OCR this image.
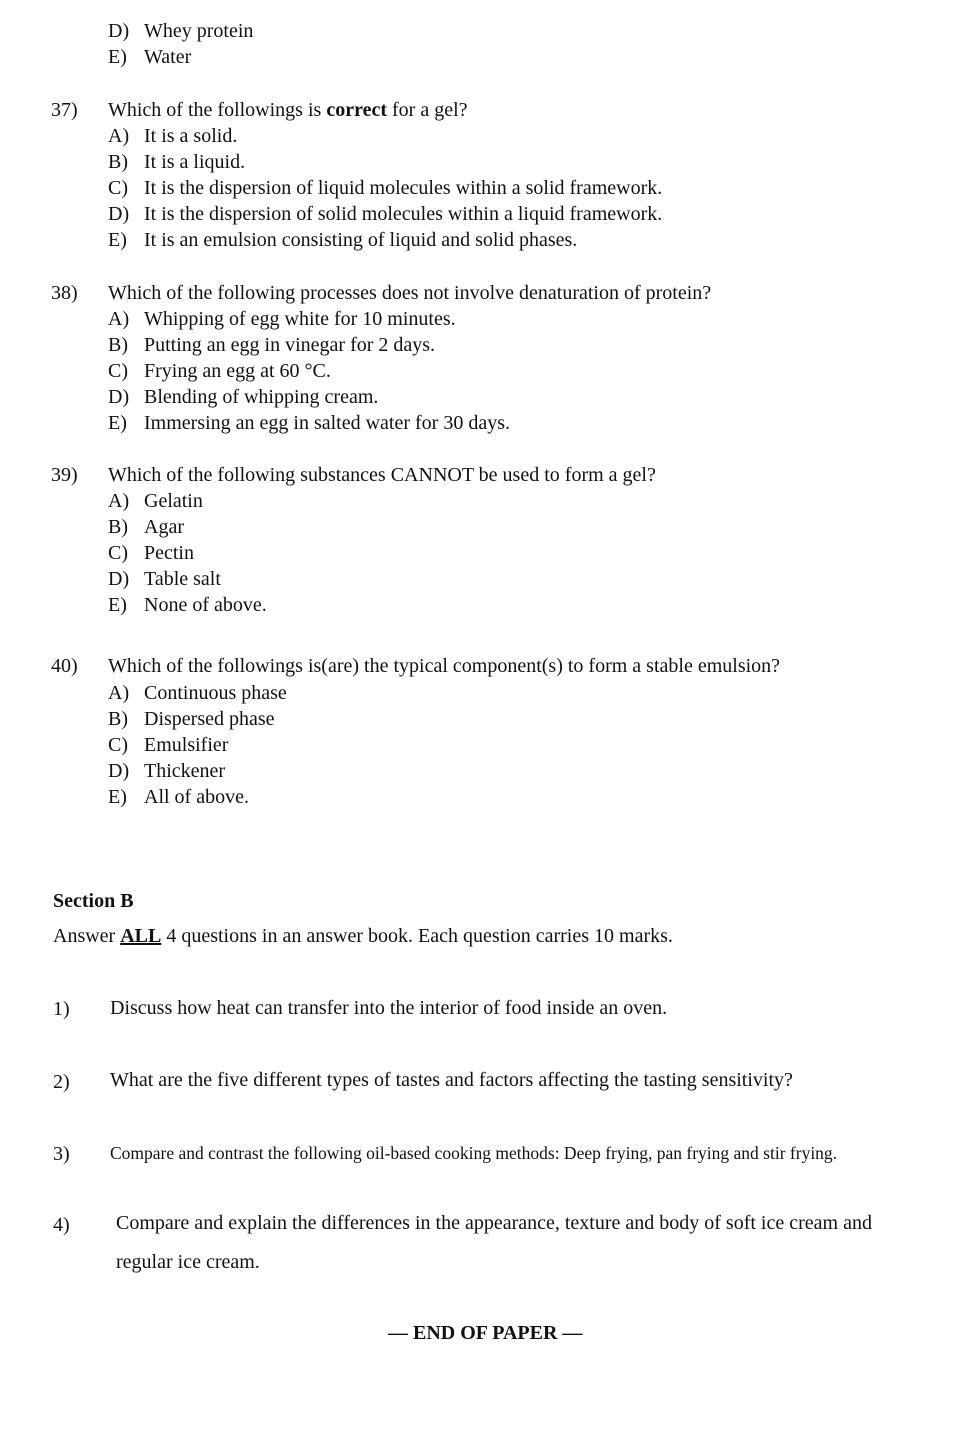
D) Whey protein
E) Water
37) Which of the followings is correct for a gel?
A) It is a solid.
B) It is a liquid.
C) It is the dispersion of liquid molecules within a solid framework.
D) It is the dispersion of solid molecules within a liquid framework.
E) It is an emulsion consisting of liquid and solid phases.
38) Which of the following processes does not involve denaturation of protein?
A) Whipping of egg white for 10 minutes.
B) Putting an egg in vinegar for 2 days.
C) Frying an egg at 60 °C.
D) Blending of whipping cream.
E) Immersing an egg in salted water for 30 days.
39) Which of the following substances CANNOT be used to form a gel?
A) Gelatin
B) Agar
C) Pectin
D) Table salt
E) None of above.
40) Which of the followings is(are) the typical component(s) to form a stable emulsion?
A) Continuous phase
B) Dispersed phase
C) Emulsifier
D) Thickener
E) All of above.
Section B
Answer ALL 4 questions in an answer book. Each question carries 10 marks.
1) Discuss how heat can transfer into the interior of food inside an oven.
2) What are the five different types of tastes and factors affecting the tasting sensitivity?
3) Compare and contrast the following oil-based cooking methods: Deep frying, pan frying and stir frying.
4) Compare and explain the differences in the appearance, texture and body of soft ice cream and
regular ice cream.
— END OF PAPER —
